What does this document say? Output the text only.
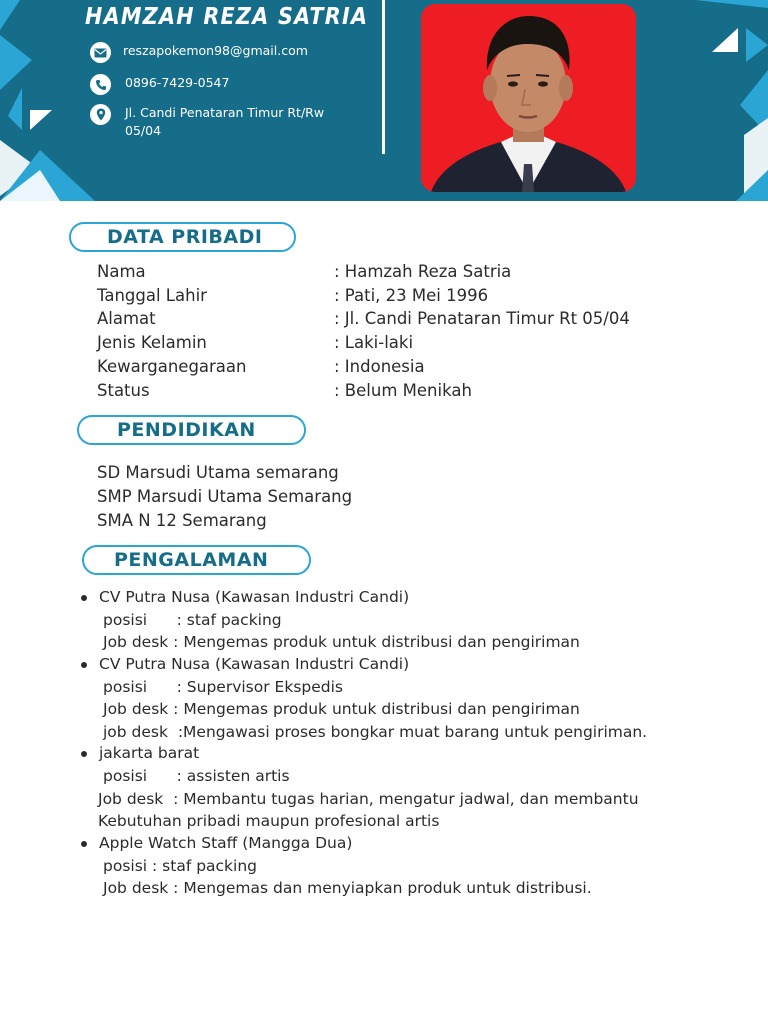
HAMZAH REZA SATRIA
reszapokemon98@gmail.com
0896-7429-0547
Jl. Candi Penataran Timur Rt/Rw
05/04
DATA PRIBADI
Nama	: Hamzah Reza Satria
Tanggal Lahir	: Pati, 23 Mei 1996
Alamat	: Jl. Candi Penataran Timur Rt 05/04
Jenis Kelamin	: Laki-laki
Kewarganegaraan	: Indonesia
Status	: Belum Menikah
PENDIDIKAN
SD Marsudi Utama semarang
SMP Marsudi Utama Semarang
SMA N 12 Semarang
PENGALAMAN
CV Putra Nusa (Kawasan Industri Candi)
posisi      : staf packing
Job desk : Mengemas produk untuk distribusi dan pengiriman
CV Putra Nusa (Kawasan Industri Candi)
posisi      : Supervisor Ekspedis
Job desk : Mengemas produk untuk distribusi dan pengiriman
job desk  :Mengawasi proses bongkar muat barang untuk pengiriman.
jakarta barat
posisi      : assisten artis
Job desk  : Membantu tugas harian, mengatur jadwal, dan membantu
Kebutuhan pribadi maupun profesional artis
Apple Watch Staff (Mangga Dua)
posisi : staf packing
Job desk : Mengemas dan menyiapkan produk untuk distribusi.
